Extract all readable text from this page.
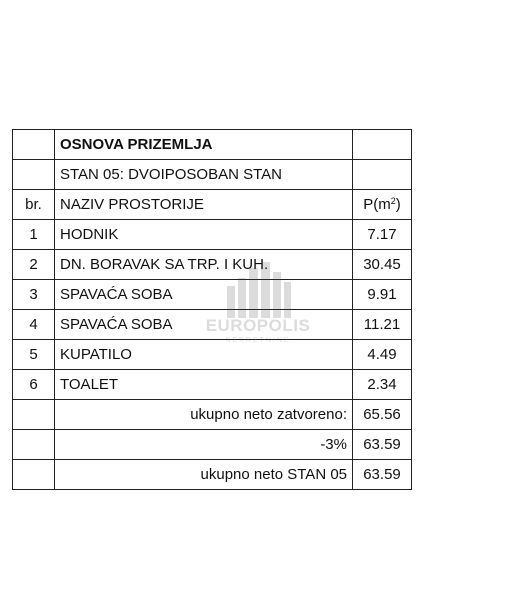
	OSNOVA PRIZEMLJA	
	STAN 05: DVOIPOSOBAN STAN	
br.	NAZIV PROSTORIJE	$P(m^2)$
1	HODNIK	7.17
2	DN. BORAVAK SA TRP. I KUH.	30.45
3	SPAVAĆA SOBA	9.91
4	SPAVAĆA SOBA	11.21
5	KUPATILO	4.49
6	TOALET	2.34
	ukupno neto zatvoreno:	65.56
	-3%	63.59
	ukupno neto STAN 05	63.59
EUROPOLIS
NEKRETNINE
